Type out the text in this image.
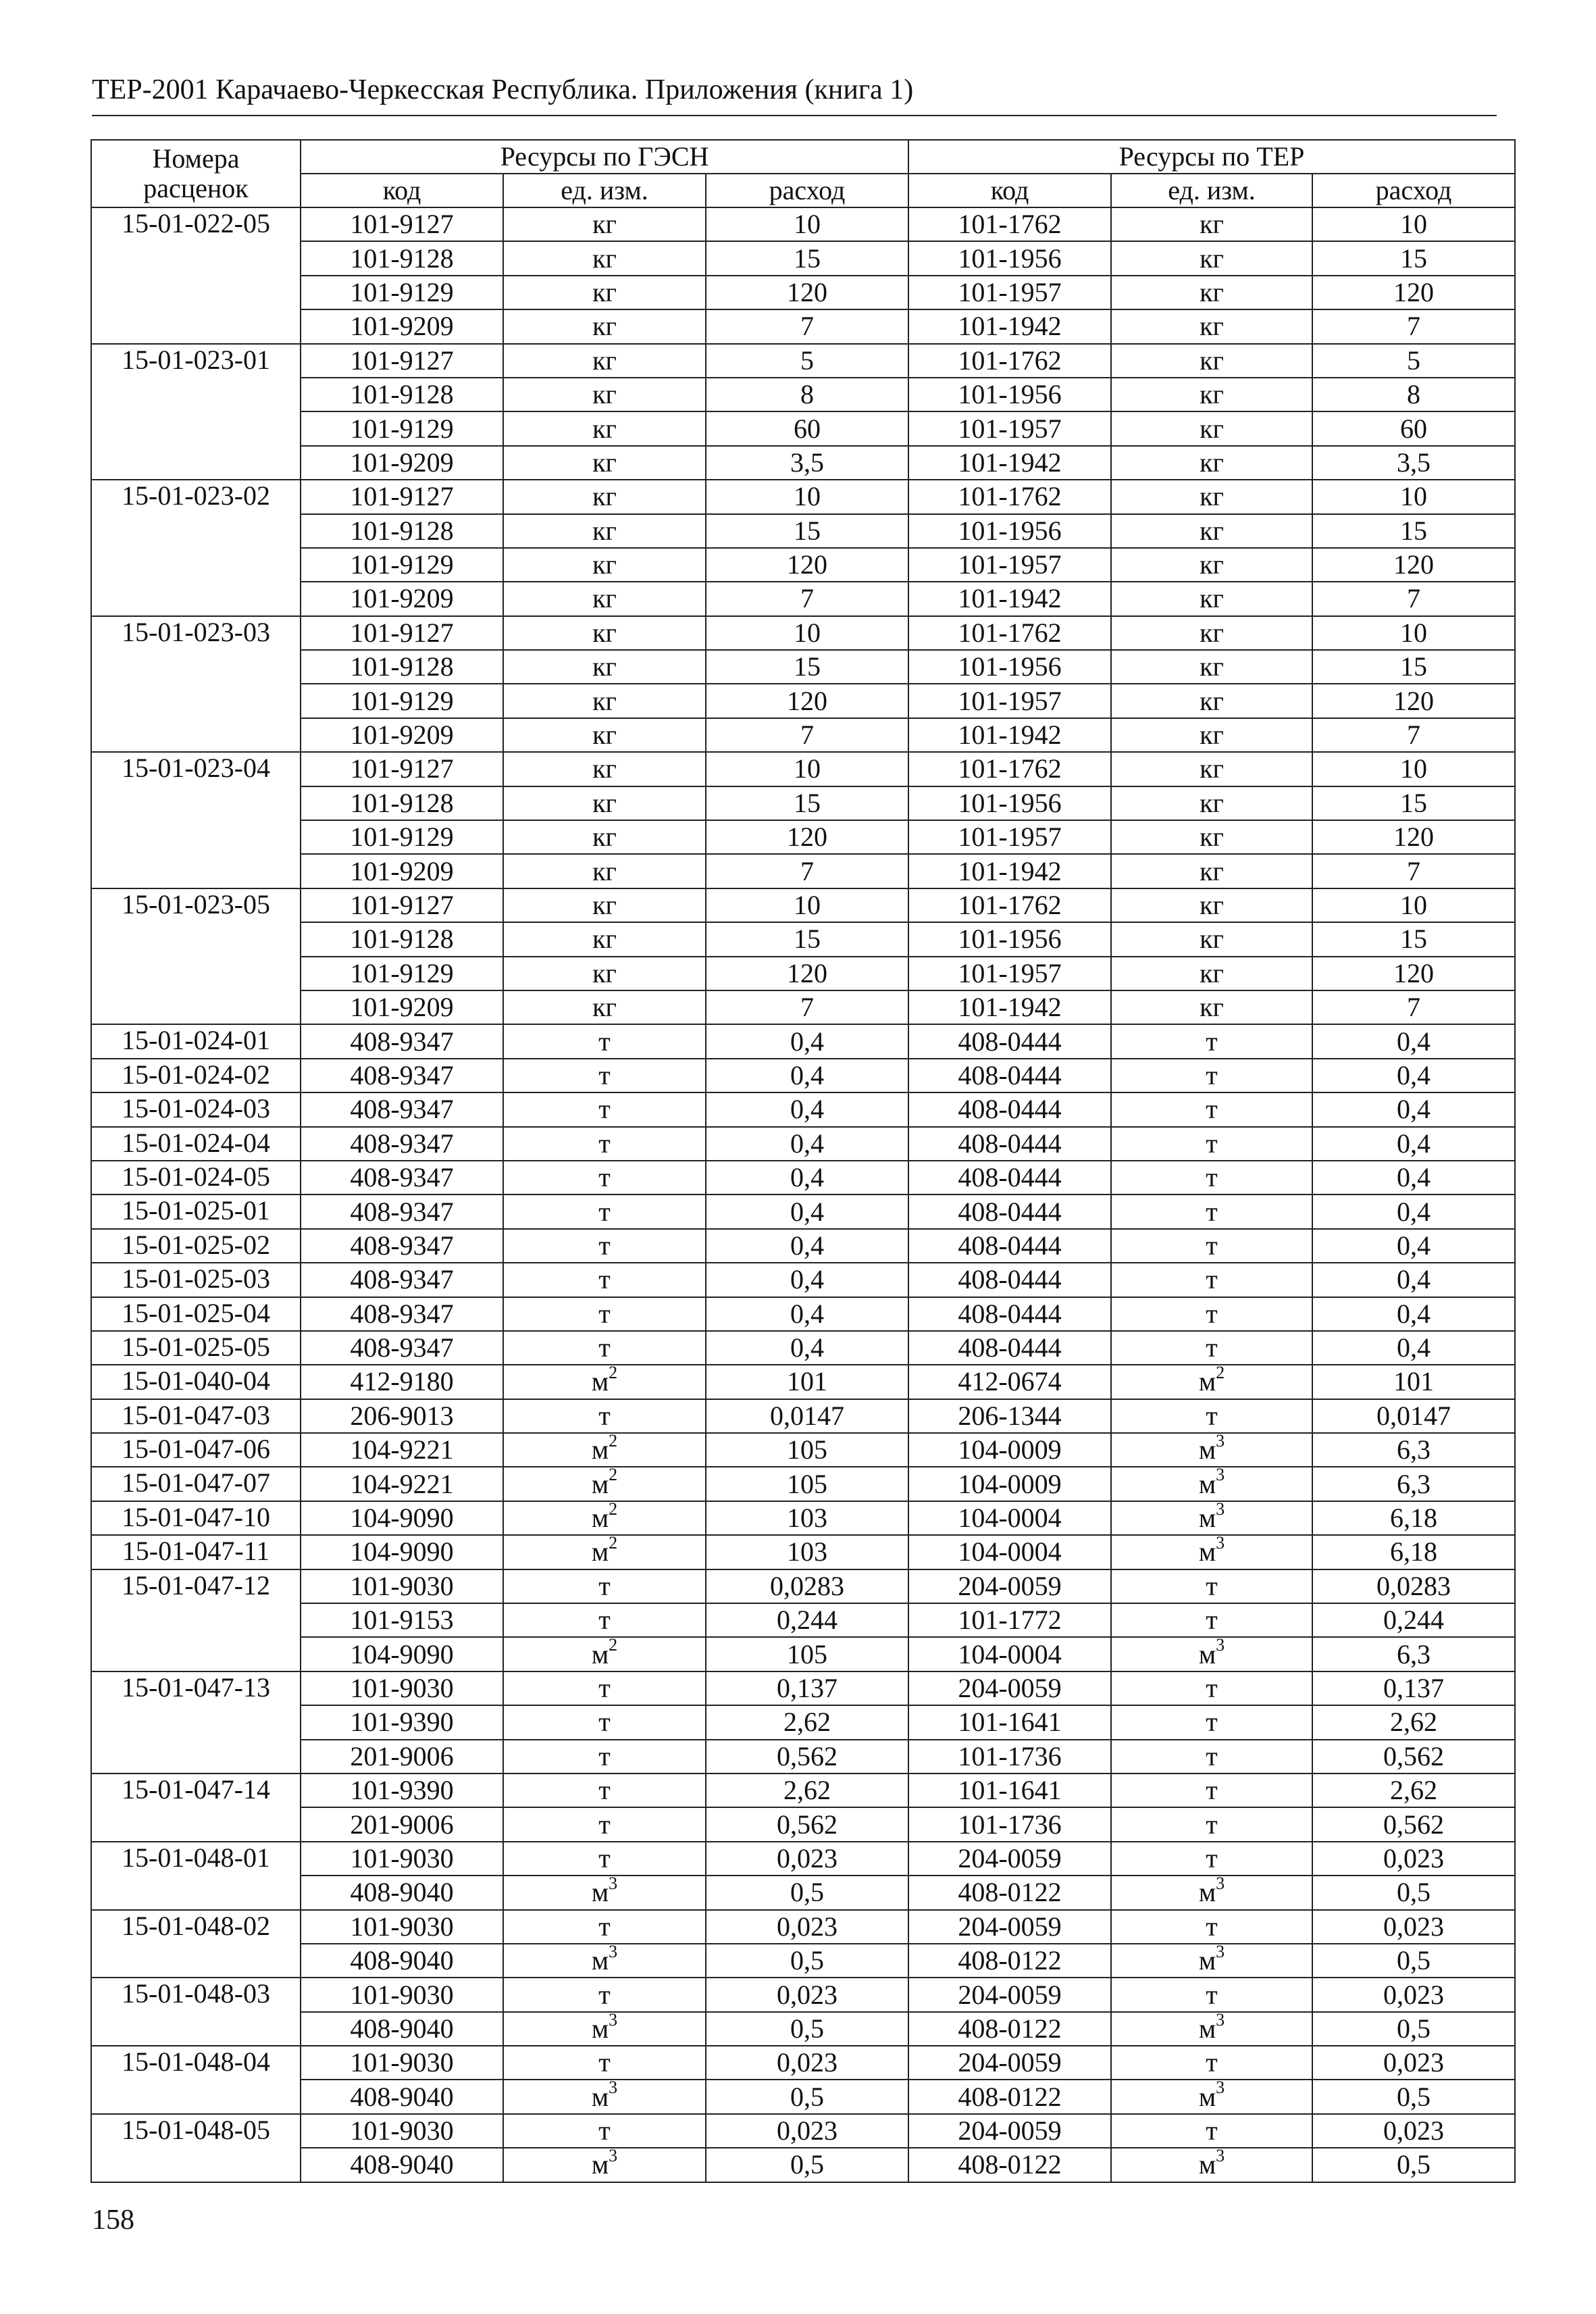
ТЕР-2001 Карачаево-Черкесская Республика. Приложения (книга 1)
Номера
расценок	Ресурсы по ГЭСН			Ресурсы по ТЕР		
	код	ед. изм.	расход	код	ед. изм.	расход
15-01-022-05	101-9127	кг	10	101-1762	кг	10
	101-9128	кг	15	101-1956	кг	15
	101-9129	кг	120	101-1957	кг	120
	101-9209	кг	7	101-1942	кг	7
15-01-023-01	101-9127	кг	5	101-1762	кг	5
	101-9128	кг	8	101-1956	кг	8
	101-9129	кг	60	101-1957	кг	60
	101-9209	кг	3,5	101-1942	кг	3,5
15-01-023-02	101-9127	кг	10	101-1762	кг	10
	101-9128	кг	15	101-1956	кг	15
	101-9129	кг	120	101-1957	кг	120
	101-9209	кг	7	101-1942	кг	7
15-01-023-03	101-9127	кг	10	101-1762	кг	10
	101-9128	кг	15	101-1956	кг	15
	101-9129	кг	120	101-1957	кг	120
	101-9209	кг	7	101-1942	кг	7
15-01-023-04	101-9127	кг	10	101-1762	кг	10
	101-9128	кг	15	101-1956	кг	15
	101-9129	кг	120	101-1957	кг	120
	101-9209	кг	7	101-1942	кг	7
15-01-023-05	101-9127	кг	10	101-1762	кг	10
	101-9128	кг	15	101-1956	кг	15
	101-9129	кг	120	101-1957	кг	120
	101-9209	кг	7	101-1942	кг	7
15-01-024-01	408-9347	т	0,4	408-0444	т	0,4
15-01-024-02	408-9347	т	0,4	408-0444	т	0,4
15-01-024-03	408-9347	т	0,4	408-0444	т	0,4
15-01-024-04	408-9347	т	0,4	408-0444	т	0,4
15-01-024-05	408-9347	т	0,4	408-0444	т	0,4
15-01-025-01	408-9347	т	0,4	408-0444	т	0,4
15-01-025-02	408-9347	т	0,4	408-0444	т	0,4
15-01-025-03	408-9347	т	0,4	408-0444	т	0,4
15-01-025-04	408-9347	т	0,4	408-0444	т	0,4
15-01-025-05	408-9347	т	0,4	408-0444	т	0,4
15-01-040-04	412-9180	$м^2$	101	412-0674	$м^2$	101
15-01-047-03	206-9013	т	0,0147	206-1344	т	0,0147
15-01-047-06	104-9221	$м^2$	105	104-0009	$м^3$	6,3
15-01-047-07	104-9221	$м^2$	105	104-0009	$м^3$	6,3
15-01-047-10	104-9090	$м^2$	103	104-0004	$м^3$	6,18
15-01-047-11	104-9090	$м^2$	103	104-0004	$м^3$	6,18
15-01-047-12	101-9030	т	0,0283	204-0059	т	0,0283
	101-9153	т	0,244	101-1772	т	0,244
	104-9090	$м^2$	105	104-0004	$м^3$	6,3
15-01-047-13	101-9030	т	0,137	204-0059	т	0,137
	101-9390	т	2,62	101-1641	т	2,62
	201-9006	т	0,562	101-1736	т	0,562
15-01-047-14	101-9390	т	2,62	101-1641	т	2,62
	201-9006	т	0,562	101-1736	т	0,562
15-01-048-01	101-9030	т	0,023	204-0059	т	0,023
	408-9040	$м^3$	0,5	408-0122	$м^3$	0,5
15-01-048-02	101-9030	т	0,023	204-0059	т	0,023
	408-9040	$м^3$	0,5	408-0122	$м^3$	0,5
15-01-048-03	101-9030	т	0,023	204-0059	т	0,023
	408-9040	$м^3$	0,5	408-0122	$м^3$	0,5
15-01-048-04	101-9030	т	0,023	204-0059	т	0,023
	408-9040	$м^3$	0,5	408-0122	$м^3$	0,5
15-01-048-05	101-9030	т	0,023	204-0059	т	0,023
	408-9040	$м^3$	0,5	408-0122	$м^3$	0,5
158
